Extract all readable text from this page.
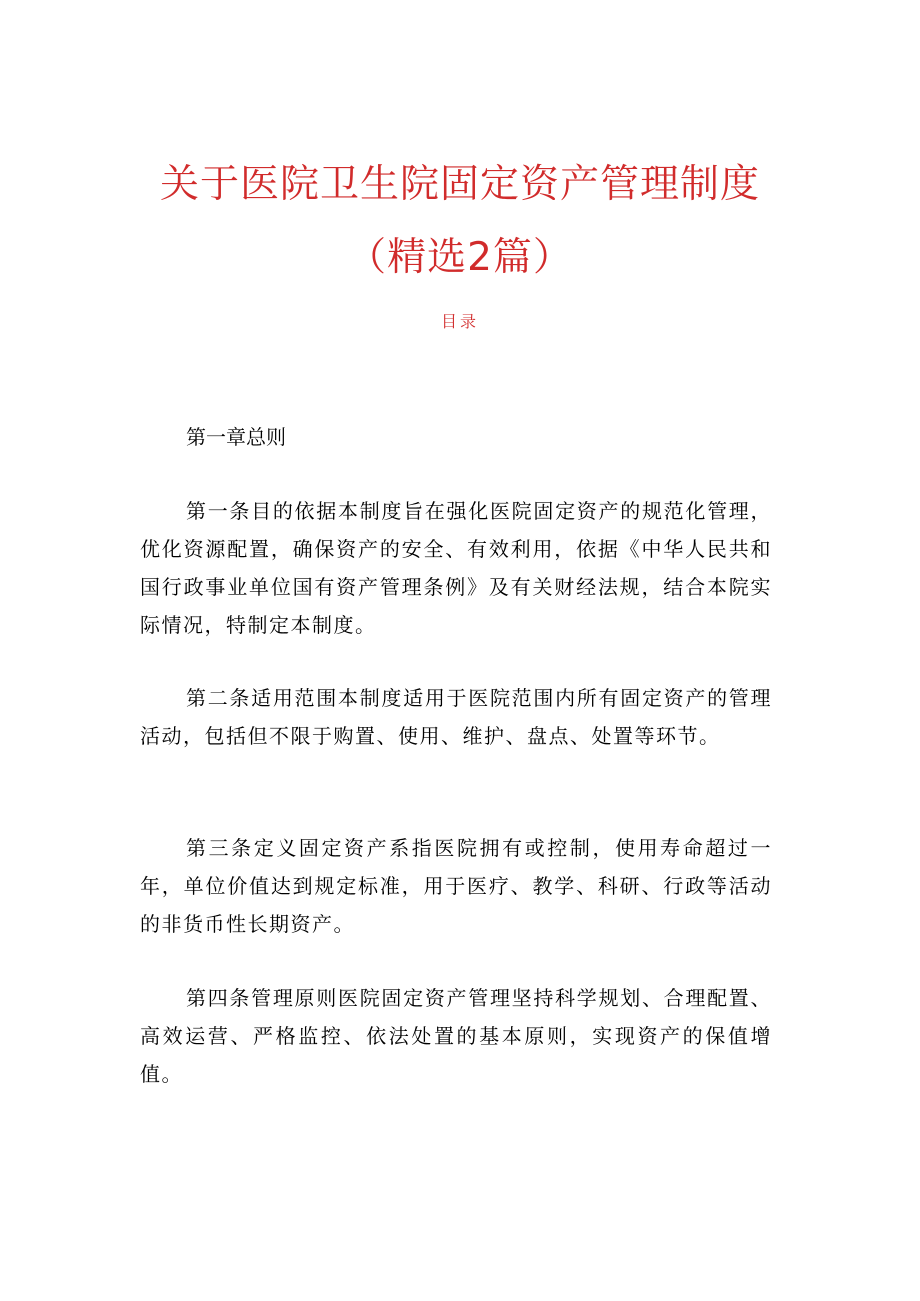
关于医院卫生院固定资产管理制度
（精选2篇）
目录
第一章总则

第一条目的依据本制度旨在强化医院固定资产的规范化管理，优化资源配置，确保资产的安全、有效利用，依据《中华人民共和国行政事业单位国有资产管理条例》及有关财经法规，结合本院实际情况，特制定本制度。

第二条适用范围本制度适用于医院范围内所有固定资产的管理活动，包括但不限于购置、使用、维护、盘点、处置等环节。

第三条定义固定资产系指医院拥有或控制，使用寿命超过一年，单位价值达到规定标准，用于医疗、教学、科研、行政等活动的非货币性长期资产。

第四条管理原则医院固定资产管理坚持科学规划、合理配置、高效运营、严格监控、依法处置的基本原则，实现资产的保值增值。
